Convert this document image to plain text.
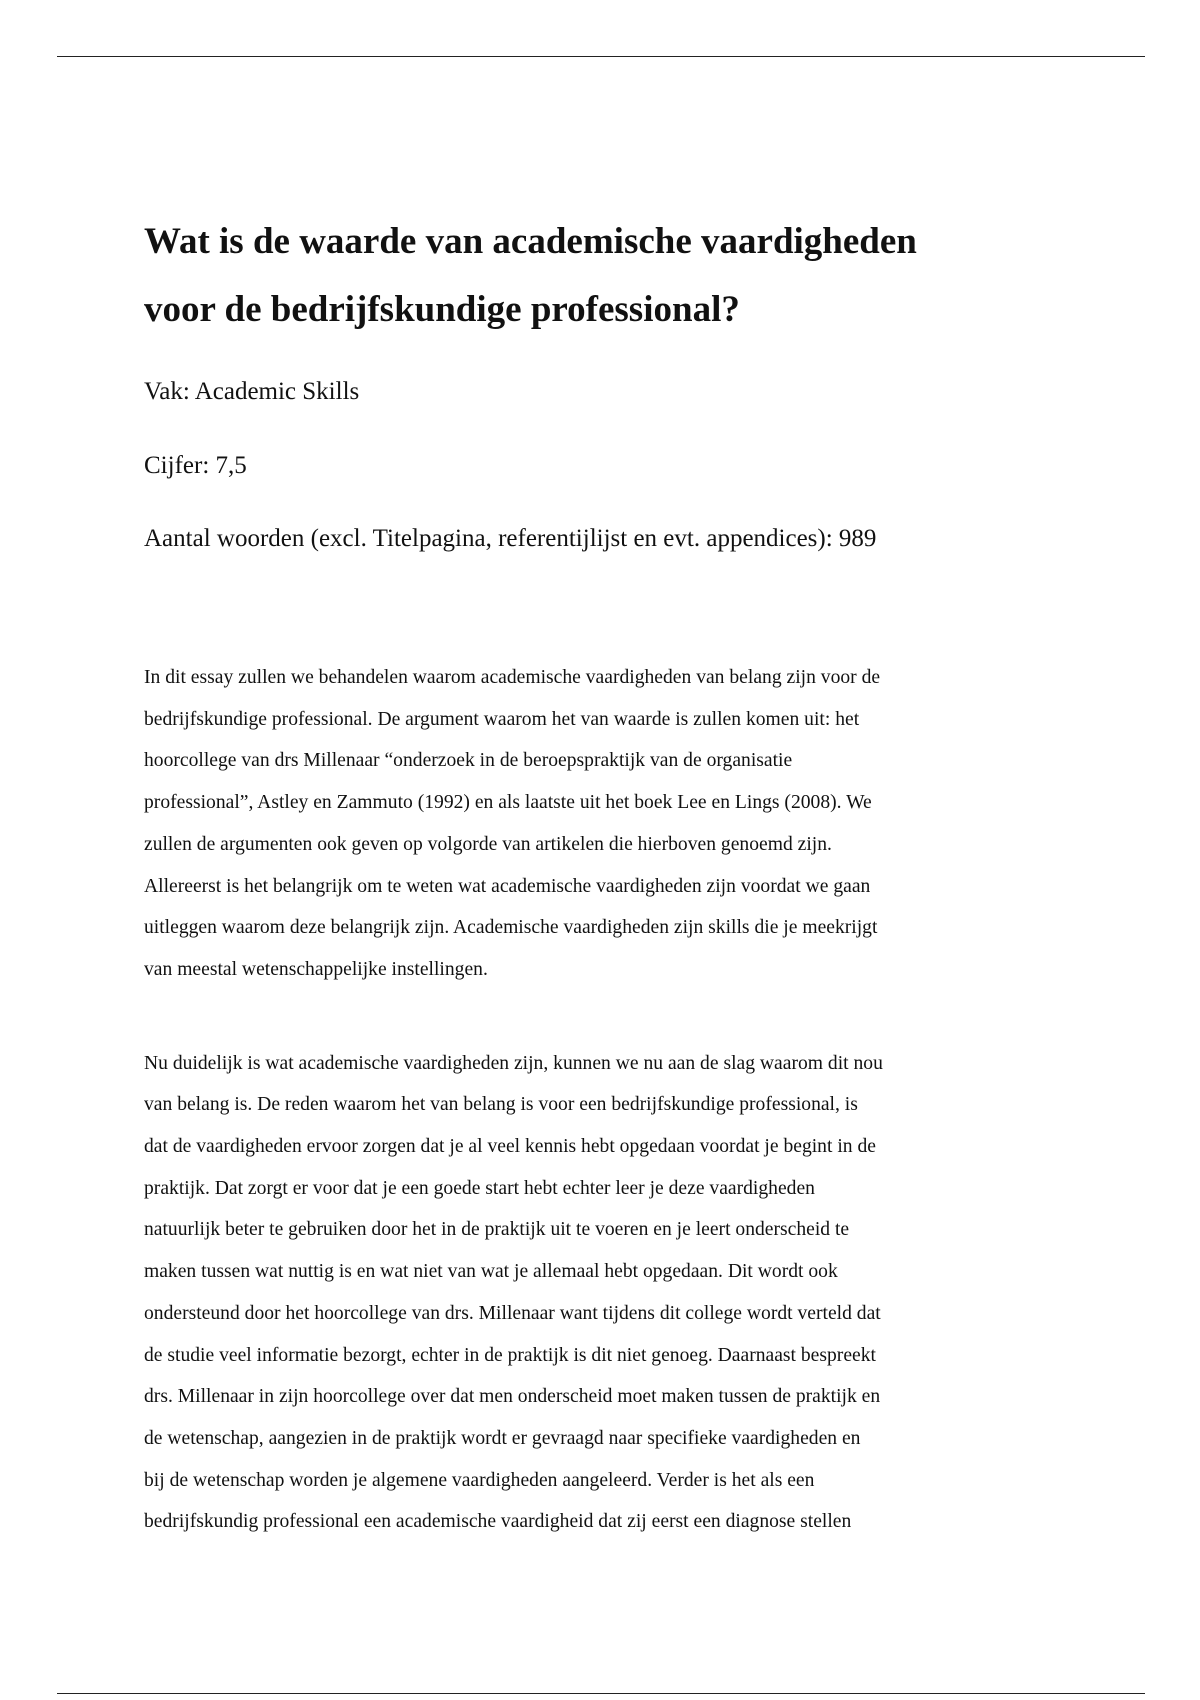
Wat is de waarde van academische vaardigheden
voor de bedrijfskundige professional?

Vak: Academic Skills

Cijfer: 7,5

Aantal woorden (excl. Titelpagina, referentijlijst en evt. appendices): 989

In dit essay zullen we behandelen waarom academische vaardigheden van belang zijn voor de
bedrijfskundige professional. De argument waarom het van waarde is zullen komen uit: het
hoorcollege van drs Millenaar “onderzoek in de beroepspraktijk van de organisatie
professional”, Astley en Zammuto (1992) en als laatste uit het boek Lee en Lings (2008). We
zullen de argumenten ook geven op volgorde van artikelen die hierboven genoemd zijn.
Allereerst is het belangrijk om te weten wat academische vaardigheden zijn voordat we gaan
uitleggen waarom deze belangrijk zijn. Academische vaardigheden zijn skills die je meekrijgt
van meestal wetenschappelijke instellingen.

Nu duidelijk is wat academische vaardigheden zijn, kunnen we nu aan de slag waarom dit nou
van belang is. De reden waarom het van belang is voor een bedrijfskundige professional, is
dat de vaardigheden ervoor zorgen dat je al veel kennis hebt opgedaan voordat je begint in de
praktijk. Dat zorgt er voor dat je een goede start hebt echter leer je deze vaardigheden
natuurlijk beter te gebruiken door het in de praktijk uit te voeren en je leert onderscheid te
maken tussen wat nuttig is en wat niet van wat je allemaal hebt opgedaan. Dit wordt ook
ondersteund door het hoorcollege van drs. Millenaar want tijdens dit college wordt verteld dat
de studie veel informatie bezorgt, echter in de praktijk is dit niet genoeg. Daarnaast bespreekt
drs. Millenaar in zijn hoorcollege over dat men onderscheid moet maken tussen de praktijk en
de wetenschap, aangezien in de praktijk wordt er gevraagd naar specifieke vaardigheden en
bij de wetenschap worden je algemene vaardigheden aangeleerd. Verder is het als een
bedrijfskundig professional een academische vaardigheid dat zij eerst een diagnose stellen
